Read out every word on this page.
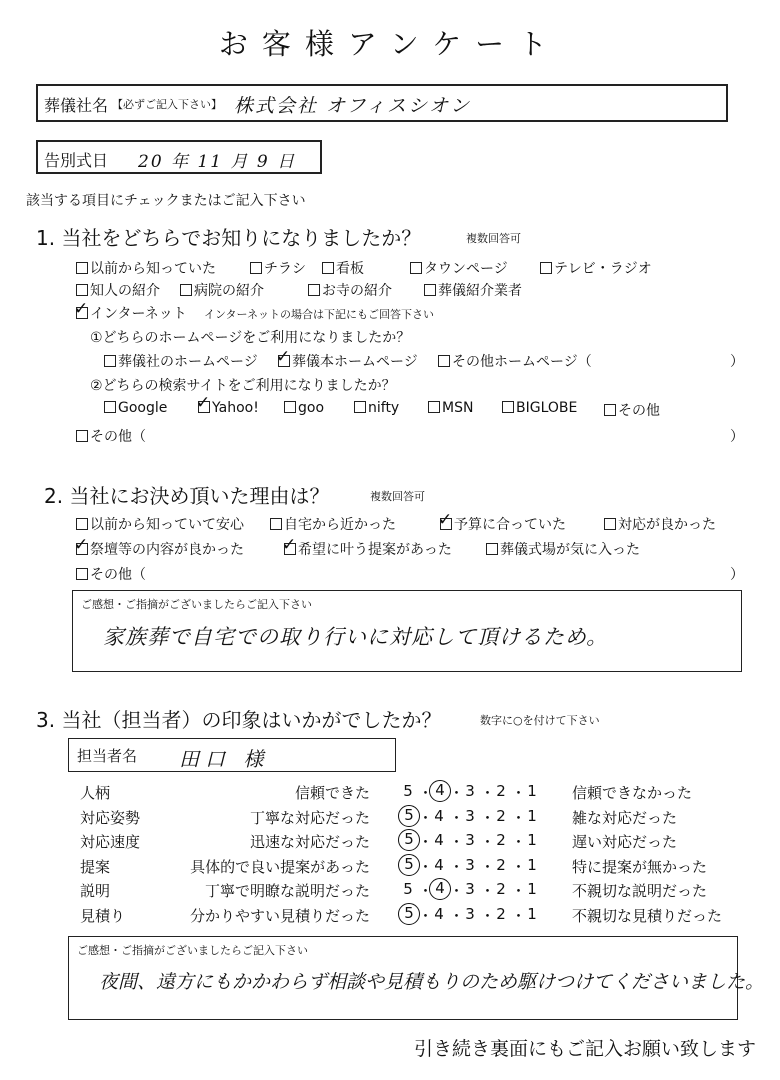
お客様アンケート
葬儀社名 【必ずご記入下さい】 株式会社 オフィスシオン
告別式日 20 年 11 月 9 日
該当する項目にチェックまたはご記入下さい
1. 当社をどちらでお知りになりましたか？	複数回答可
以前から知っていた	チラシ	看板	タウンページ	テレビ・ラジオ
知人の紹介	病院の紹介	お寺の紹介	葬儀紹介業者
✓インターネット インターネットの場合は下記にもご回答下さい
①どちらのホームページをご利用になりましたか？
葬儀社のホームページ ✓	葬儀本ホームページ	その他ホームページ（	）
②どちらの検索サイトをご利用になりましたか？
Google ✓	Yahoo!	goo	nifty	MSN	BIGLOBE	その他
その他（	）
2. 当社にお決め頂いた理由は？	複数回答可
以前から知っていて安心	自宅から近かった ✓	予算に合っていた	対応が良かった
✓祭壇等の内容が良かった ✓	希望に叶う提案があった	葬儀式場が気に入った
その他（	）
ご感想・ご指摘がございましたらご記入下さい
家族葬で自宅での取り行いに対応して頂けるため。
3. 当社（担当者）の印象はいかがでしたか？	数字に○を付けて下さい
担当者名 田口 様
人柄	信頼できた	5 ・ 4 ・ 3 ・ 2 ・ 1	信頼できなかった
対応姿勢	丁寧な対応だった	5 ・ 4 ・ 3 ・ 2 ・ 1	雑な対応だった
対応速度	迅速な対応だった	5 ・ 4 ・ 3 ・ 2 ・ 1	遅い対応だった
提案	具体的で良い提案があった	5 ・ 4 ・ 3 ・ 2 ・ 1	特に提案が無かった
説明	丁寧で明瞭な説明だった	5 ・ 4 ・ 3 ・ 2 ・ 1	不親切な説明だった
見積り	分かりやすい見積りだった	5 ・ 4 ・ 3 ・ 2 ・ 1	不親切な見積りだった
ご感想・ご指摘がございましたらご記入下さい
夜間、遠方にもかかわらず相談や見積もりのため駆けつけてくださいました。
引き続き裏面にもご記入お願い致します
